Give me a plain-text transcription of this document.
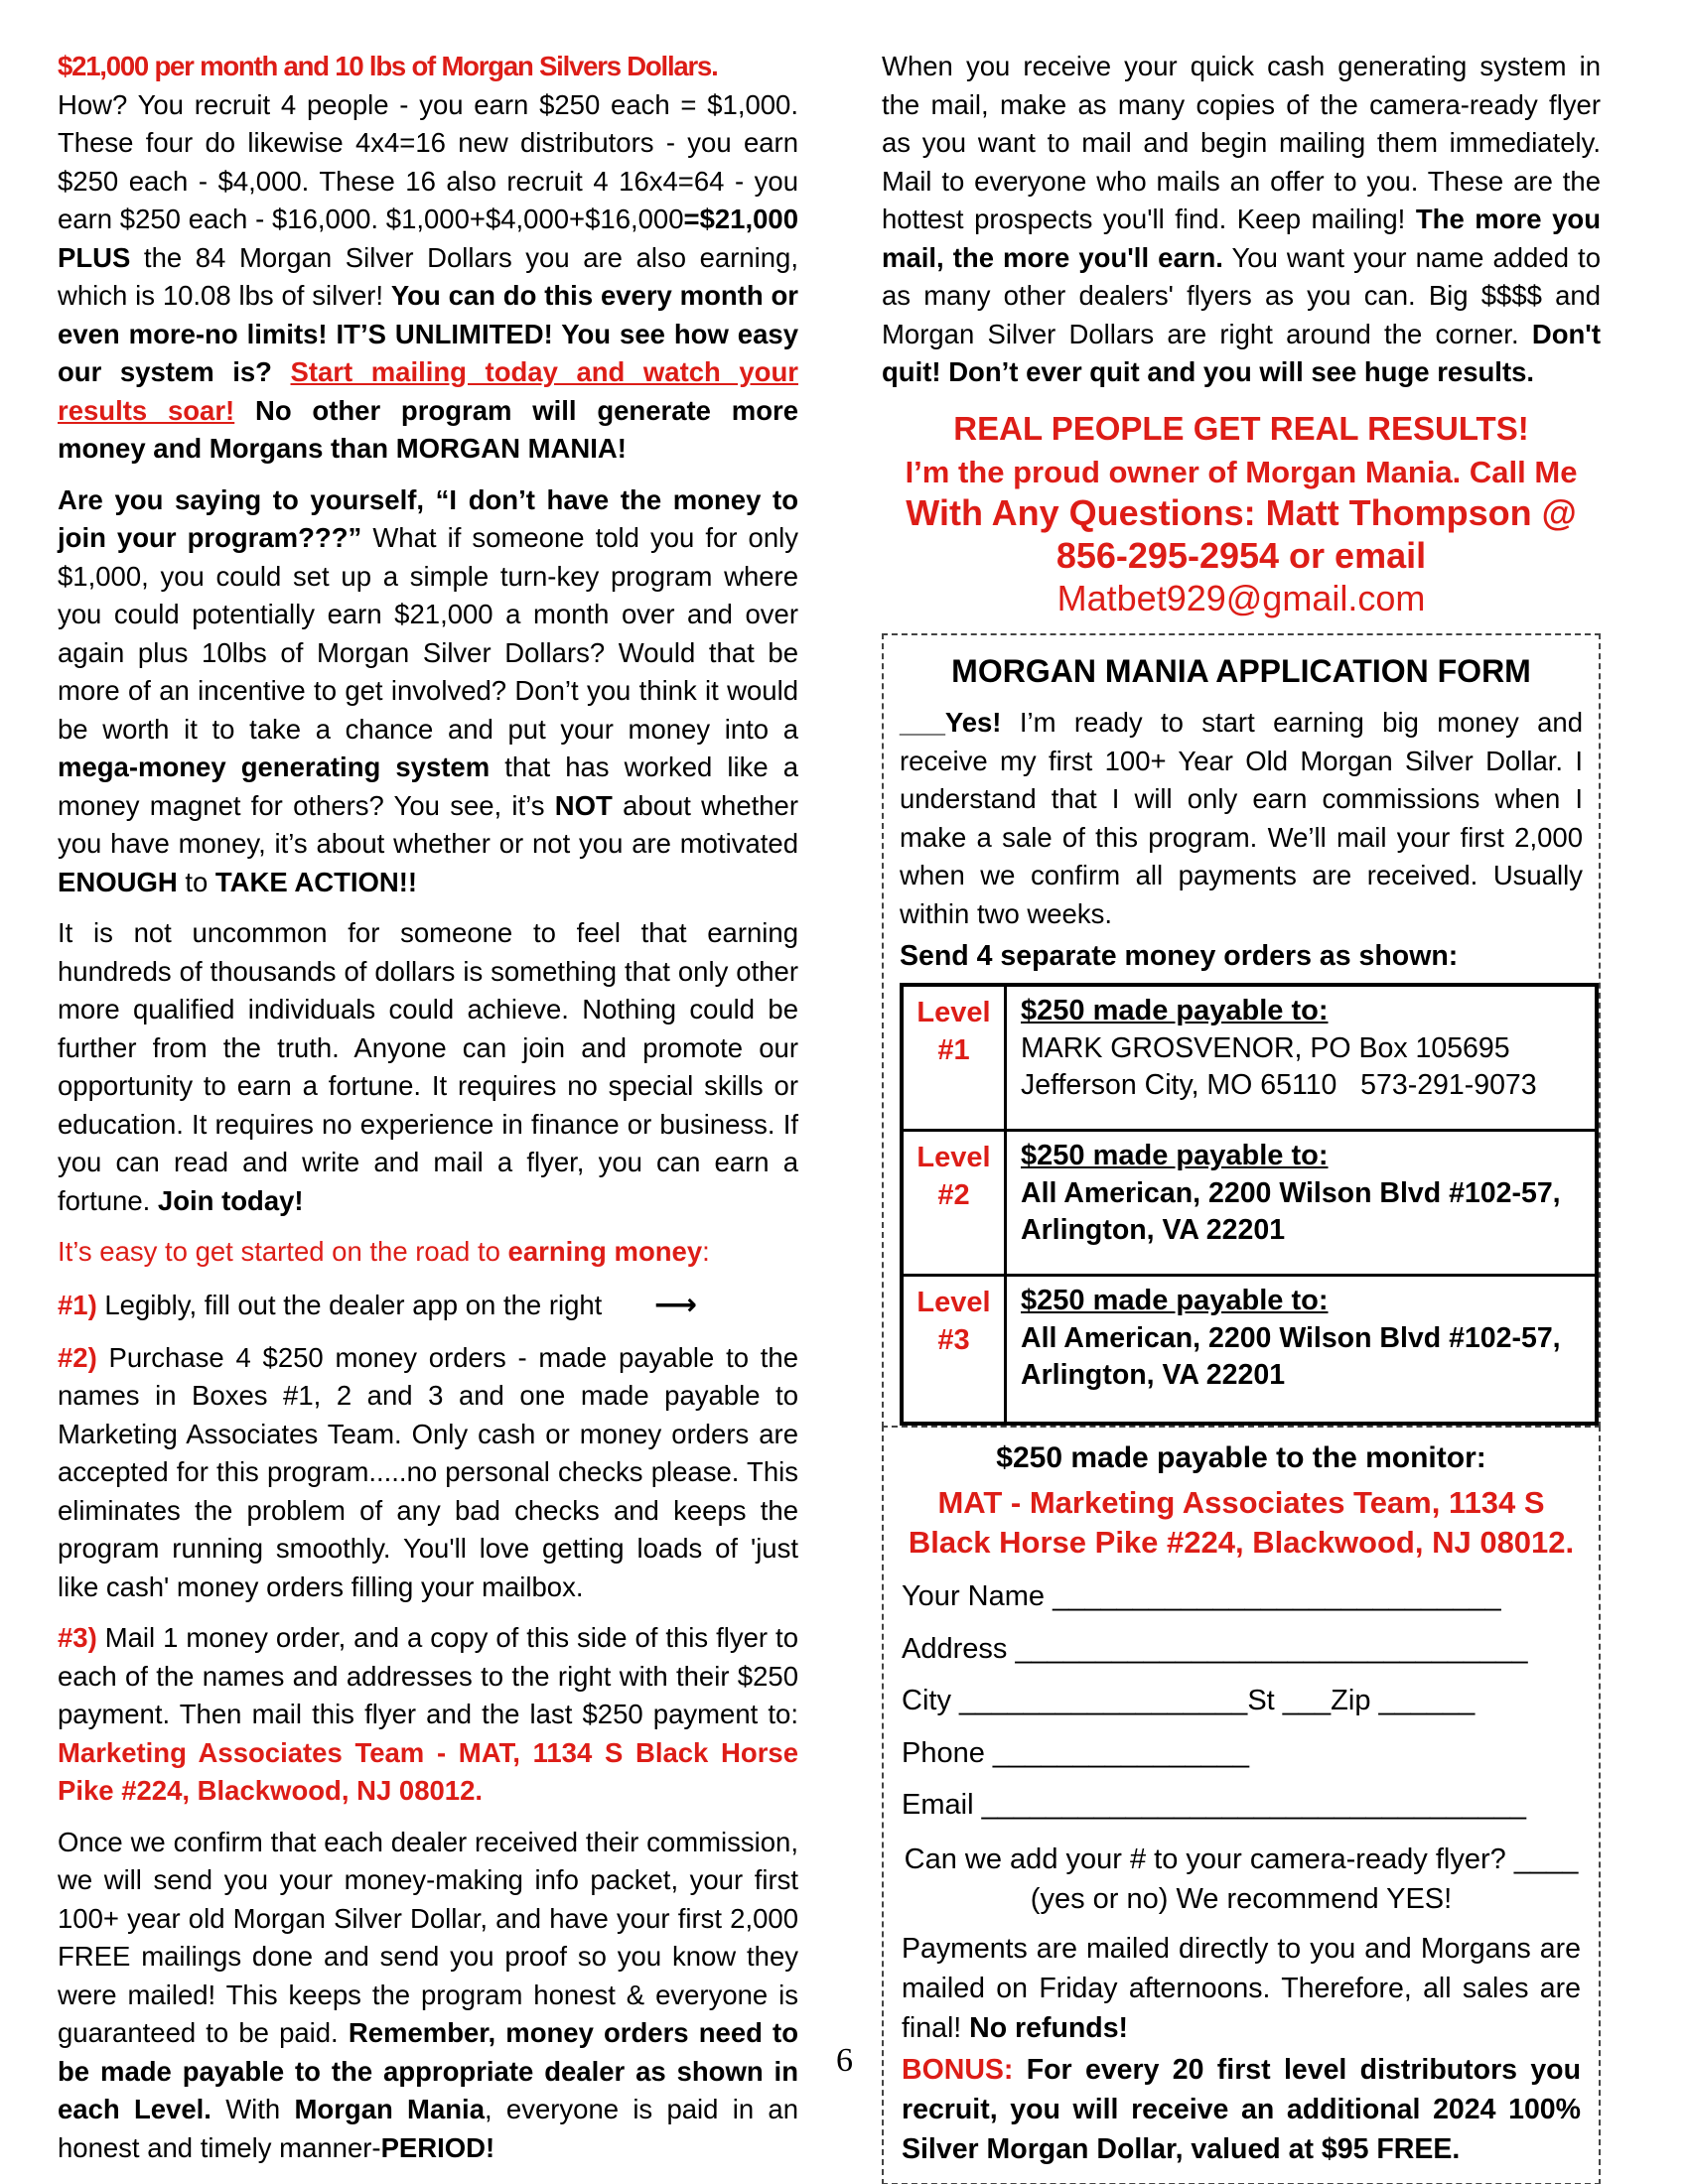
$21,000 per month and 10 lbs of Morgan Silvers Dollars.
How? You recruit 4 people - you earn $250 each = $1,000. These four do likewise 4x4=16 new distributors - you earn $250 each - $4,000. These 16 also recruit 4 16x4=64 - you earn $250 each - $16,000. $1,000+$4,000+$16,000=$21,000 PLUS the 84 Morgan Silver Dollars you are also earning, which is 10.08 lbs of silver! You can do this every month or even more-no limits! IT’S UNLIMITED! You see how easy our system is? Start mailing today and watch your results soar! No other program will generate more money and Morgans than MORGAN MANIA!

Are you saying to yourself, “I don’t have the money to join your program???” What if someone told you for only $1,000, you could set up a simple turn-key program where you could potentially earn $21,000 a month over and over again plus 10lbs of Morgan Silver Dollars? Would that be more of an incentive to get involved? Don’t you think it would be worth it to take a chance and put your money into a mega-money generating system that has worked like a money magnet for others? You see, it’s NOT about whether you have money, it’s about whether or not you are motivated ENOUGH to TAKE ACTION!!

It is not uncommon for someone to feel that earning hundreds of thousands of dollars is something that only other more qualified individuals could achieve. Nothing could be further from the truth. Anyone can join and promote our opportunity to earn a fortune. It requires no special skills or education. It requires no experience in finance or business. If you can read and write and mail a flyer, you can earn a fortune. Join today!

It’s easy to get started on the road to earning money:

#1) Legibly, fill out the dealer app on the right ⟶

#2) Purchase 4 $250 money orders - made payable to the names in Boxes #1, 2 and 3 and one made payable to Marketing Associates Team. Only cash or money orders are accepted for this program.....no personal checks please. This eliminates the problem of any bad checks and keeps the program running smoothly. You'll love getting loads of 'just like cash' money orders filling your mailbox.

#3) Mail 1 money order, and a copy of this side of this flyer to each of the names and addresses to the right with their $250 payment. Then mail this flyer and the last $250 payment to: Marketing Associates Team - MAT, 1134 S Black Horse Pike #224, Blackwood, NJ 08012.

Once we confirm that each dealer received their commission, we will send you your money-making info packet, your first 100+ year old Morgan Silver Dollar, and have your first 2,000 FREE mailings done and send you proof so you know they were mailed! This keeps the program honest & everyone is guaranteed to be paid. Remember, money orders need to be made payable to the appropriate dealer as shown in each Level. With Morgan Mania, everyone is paid in an honest and timely manner-PERIOD!

When you receive your quick cash generating system in the mail, make as many copies of the camera-ready flyer as you want to mail and begin mailing them immediately. Mail to everyone who mails an offer to you. These are the hottest prospects you'll find. Keep mailing! The more you mail, the more you'll earn. You want your name added to as many other dealers' flyers as you can. Big $$$$ and Morgan Silver Dollars are right around the corner. Don't quit! Don’t ever quit and you will see huge results.

REAL PEOPLE GET REAL RESULTS!

I’m the proud owner of Morgan Mania. Call Me With Any Questions: Matt Thompson @ 856-295-2954 or email Matbet929@gmail.com

MORGAN MANIA APPLICATION FORM

___Yes! I’m ready to start earning big money and receive my first 100+ Year Old Morgan Silver Dollar. I understand that I will only earn commissions when I make a sale of this program. We’ll mail your first 2,000 when we confirm all payments are received. Usually within two weeks.

Send 4 separate money orders as shown:
Level
#1
$250 made payable to:
MARK GROSVENOR, PO Box 105695
Jefferson City, MO 65110   573-291-9073
Level
#2
$250 made payable to:
All American, 2200 Wilson Blvd #102-57,
Arlington, VA 22201
Level
#3
$250 made payable to:
All American, 2200 Wilson Blvd #102-57,
Arlington, VA 22201
$250 made payable to the monitor:
MAT - Marketing Associates Team, 1134 S Black Horse Pike #224, Blackwood, NJ 08012.
Your Name ____________________________
Address ________________________________
City __________________St ___Zip ______
Phone ________________
Email __________________________________
Can we add your # to your camera-ready flyer? ____
(yes or no) We recommend YES!

Payments are mailed directly to you and Morgans are mailed on Friday afternoons. Therefore, all sales are final! No refunds!

BONUS: For every 20 first level distributors you recruit, you will receive an additional 2024 100% Silver Morgan Dollar, valued at $95 FREE.

6
